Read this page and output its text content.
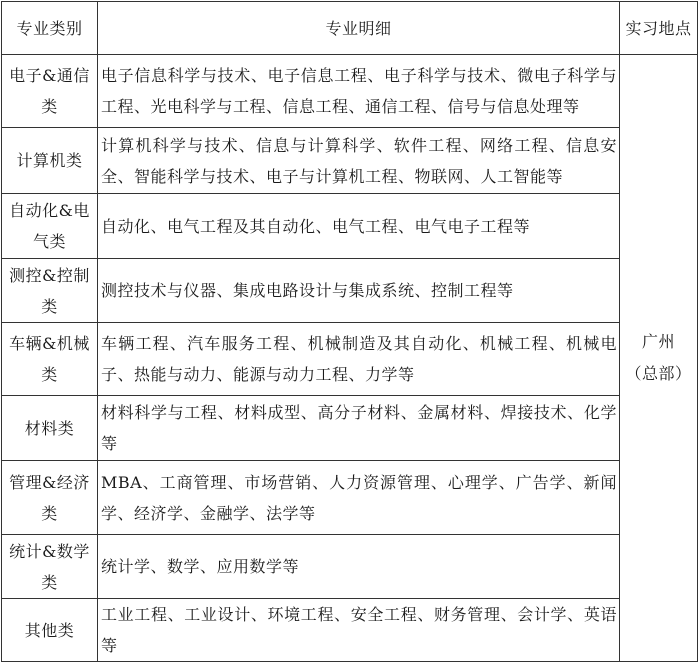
专业类别	专业明细	实习地点
电子&通信类	电子信息科学与技术、电子信息工程、电子科学与技术、微电子科学与工程、光电科学与工程、信息工程、通信工程、信号与信息处理等	广州
（总部）

计算机类	计算机科学与技术、信息与计算科学、软件工程、网络工程、信息安全、智能科学与技术、电子与计算机工程、物联网、人工智能等	
自动化&电气类	自动化、电气工程及其自动化、电气工程、电气电子工程等	
测控&控制类	测控技术与仪器、集成电路设计与集成系统、控制工程等	
车辆&机械类	车辆工程、汽车服务工程、机械制造及其自动化、机械工程、机械电子、热能与动力、能源与动力工程、力学等	
材料类	材料科学与工程、材料成型、高分子材料、金属材料、焊接技术、化学等	
管理&经济类	MBA、工商管理、市场营销、人力资源管理、心理学、广告学、新闻学、经济学、金融学、法学等	
统计&数学类	统计学、数学、应用数学等	
其他类	工业工程、工业设计、环境工程、安全工程、财务管理、会计学、英语等	
